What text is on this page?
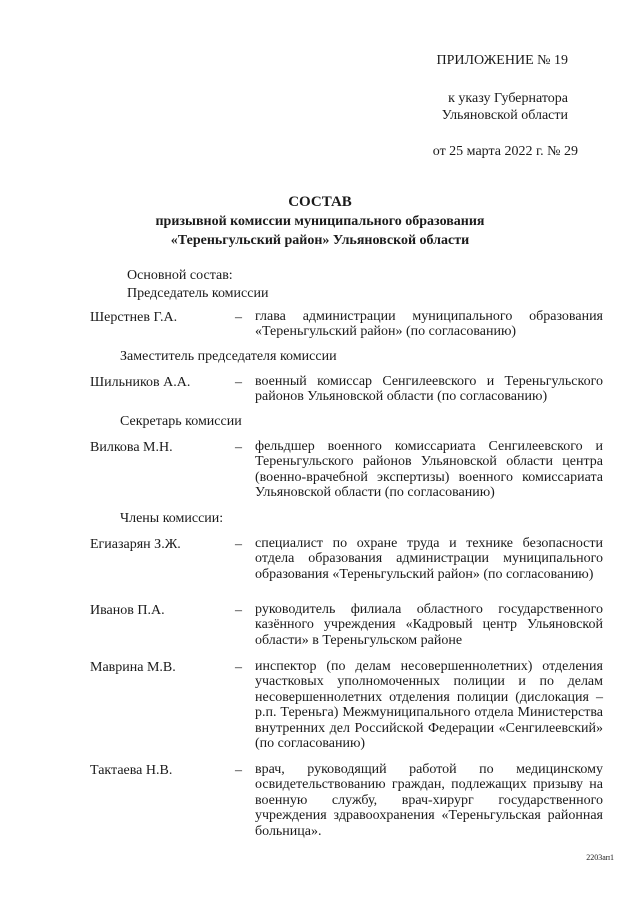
ПРИЛОЖЕНИЕ № 19
к указу Губернатора
Ульяновской области
от 25 марта 2022 г. № 29
СОСТАВ
призывной комиссии муниципального образования
«Тереньгульский район» Ульяновской области
Основной состав:
Председатель комиссии
Шерстнев Г.А.	– глава администрации муниципального образования «Тереньгульский район» (по согласованию)
Заместитель председателя комиссии
Шильников А.А.	– военный комиссар Сенгилеевского и Тереньгульского районов Ульяновской области (по согласованию)
Секретарь комиссии
Вилкова М.Н.	– фельдшер военного комиссариата Сенгилеевского и Тереньгульского районов Ульяновской области центра (военно-врачебной экспертизы) военного комиссариата Ульяновской области (по согласованию)
Члены комиссии:
Егиазарян З.Ж.	– специалист по охране труда и технике безопасности отдела образования администрации муниципального образования «Тереньгульский район» (по согласованию)
Иванов П.А.	– руководитель филиала областного государственного казённого учреждения «Кадровый центр Ульяновской области» в Тереньгульском районе
Маврина М.В.	– инспектор (по делам несовершеннолетних) отделения участковых уполномоченных полиции и по делам несовершеннолетних отделения полиции (дислокация – р.п. Тереньга) Межмуниципального отдела Министерства внутренних дел Российской Федерации «Сенгилеевский» (по согласованию)
Тактаева Н.В.	– врач, руководящий работой по медицинскому освидетельствованию граждан, подлежащих призыву на военную службу, врач-хирург государственного учреждения здравоохранения «Тереньгульская районная больница».
2203ап1
